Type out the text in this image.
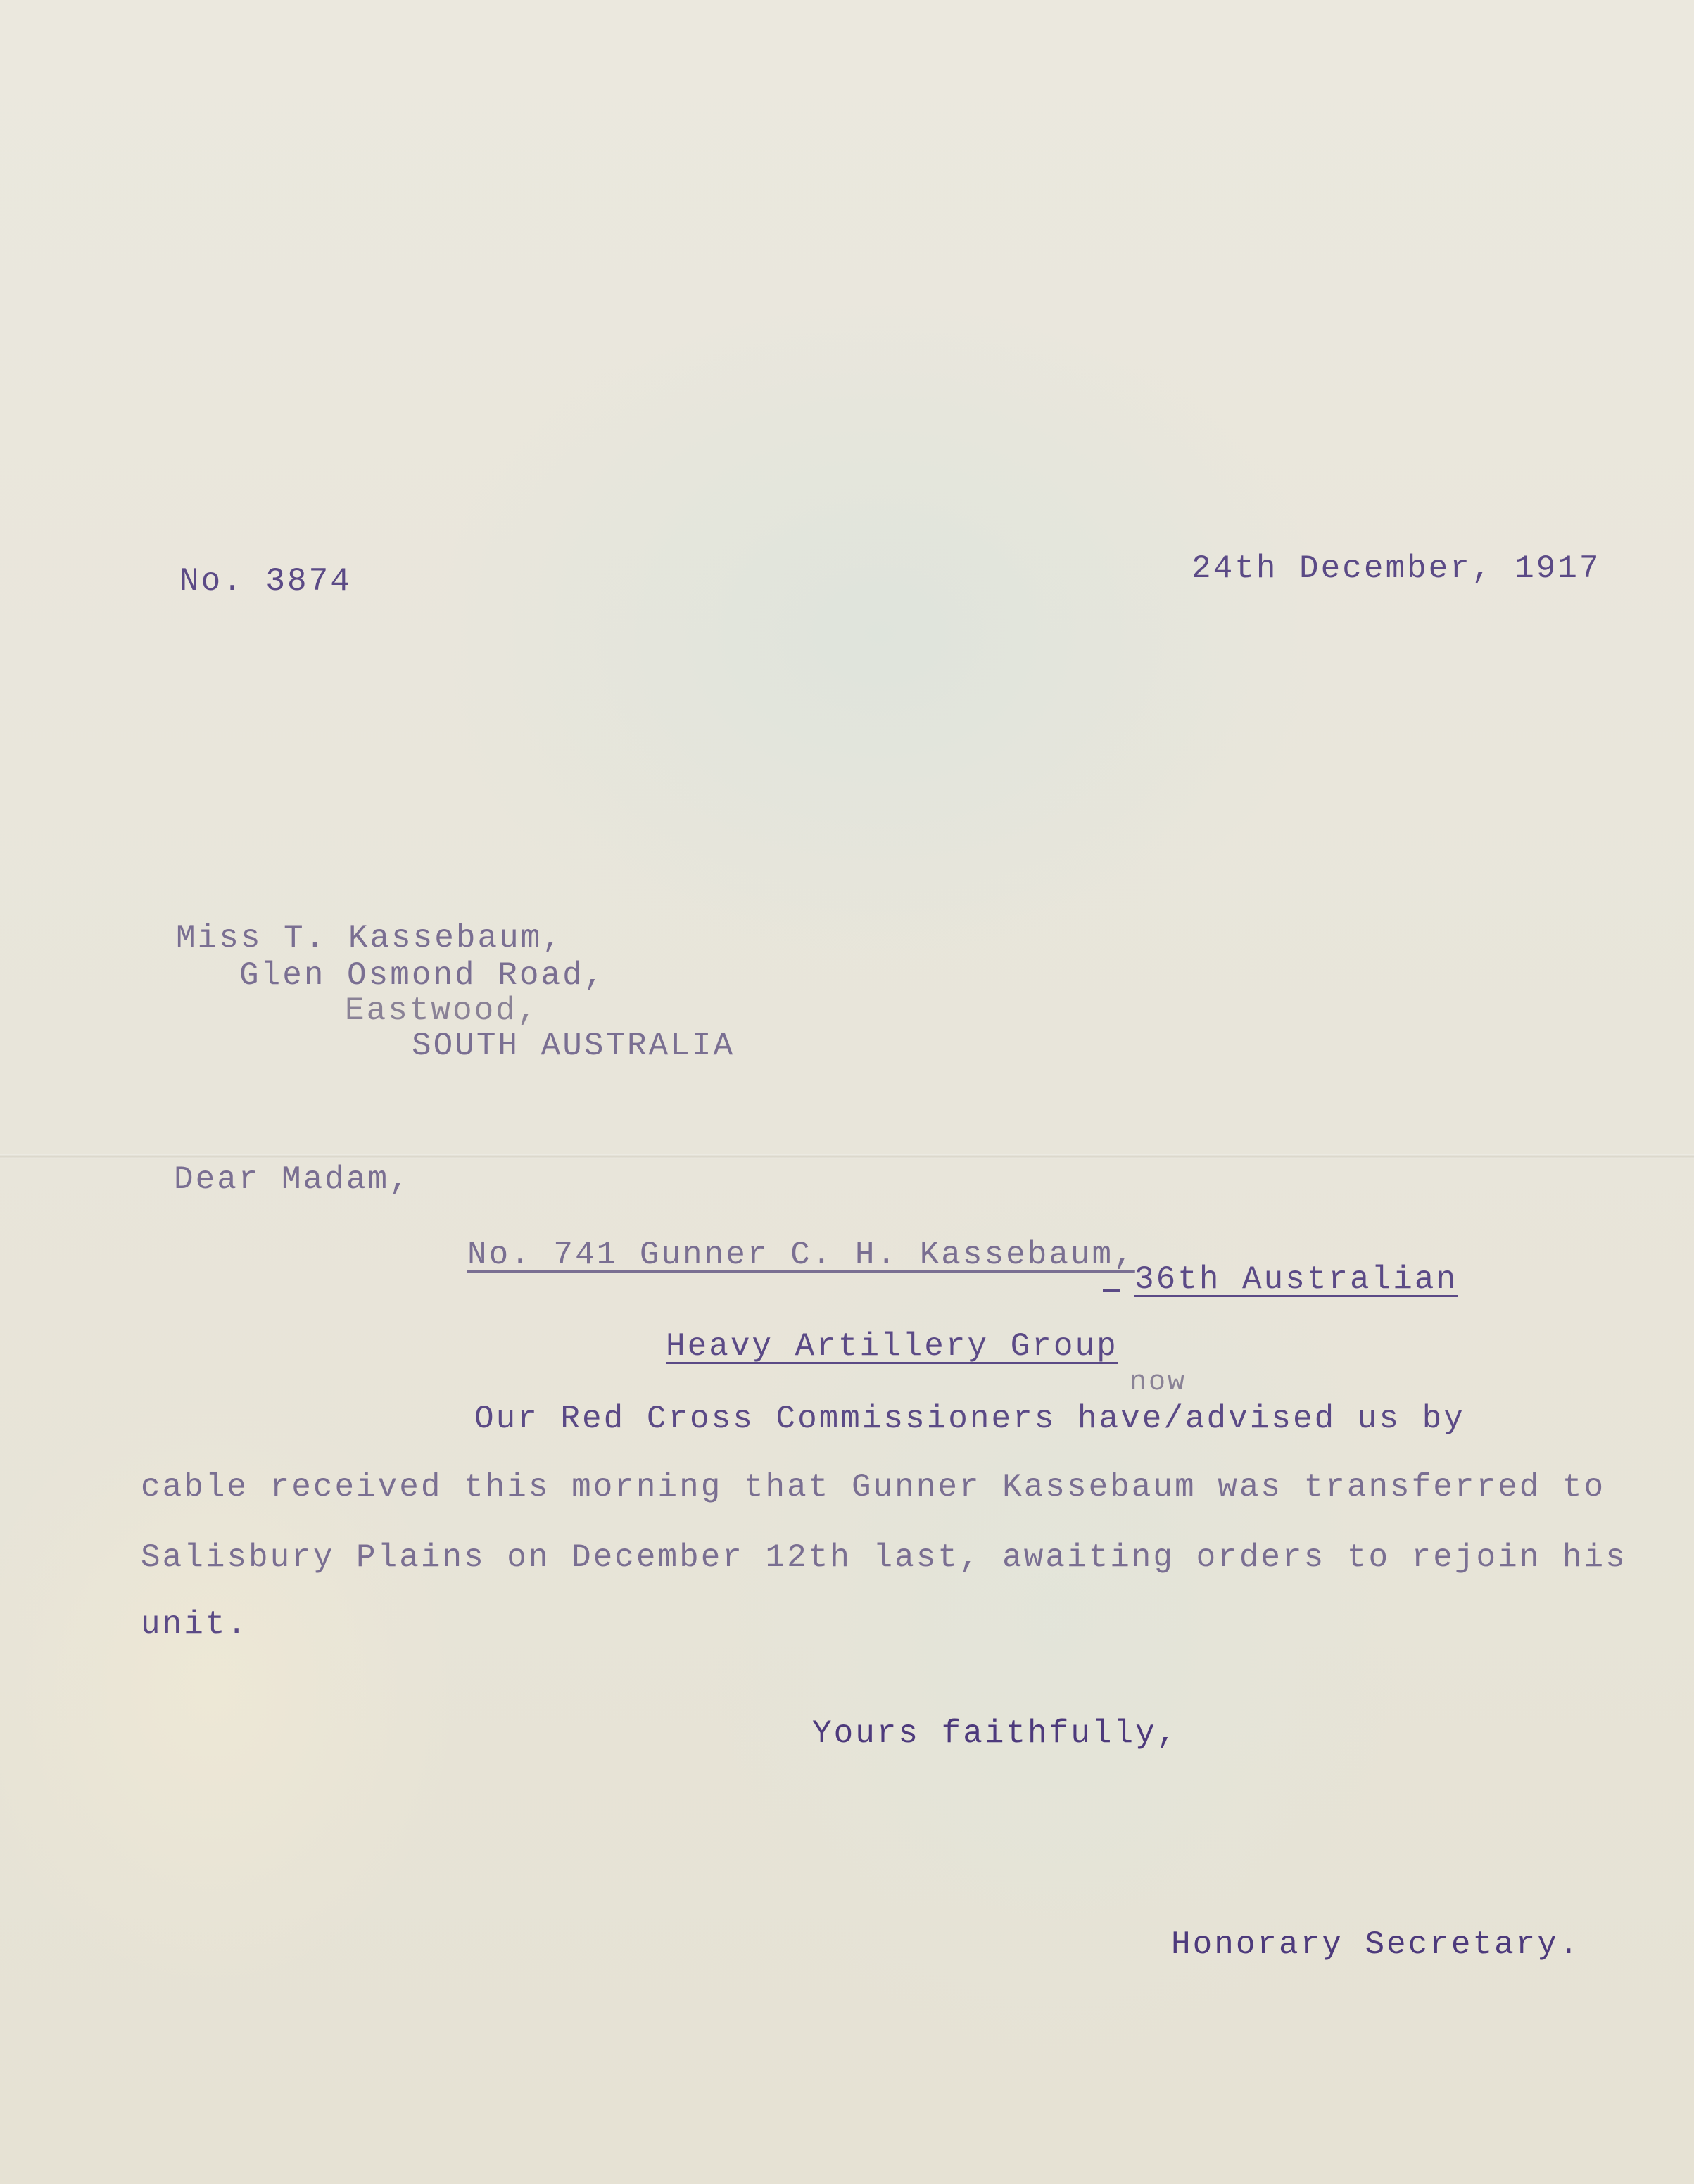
No. 3874	24th December, 1917
Miss T. Kassebaum,
Glen Osmond Road,
Eastwood,
SOUTH AUSTRALIA
Dear Madam,
No. 741 Gunner C. H. Kassebaum,
36th Australian
Heavy Artillery Group
now
Our Red Cross Commissioners have/advised us by
cable received this morning that Gunner Kassebaum was transferred to
Salisbury Plains on December 12th last, awaiting orders to rejoin his
unit.
Yours faithfully,
Honorary Secretary.
